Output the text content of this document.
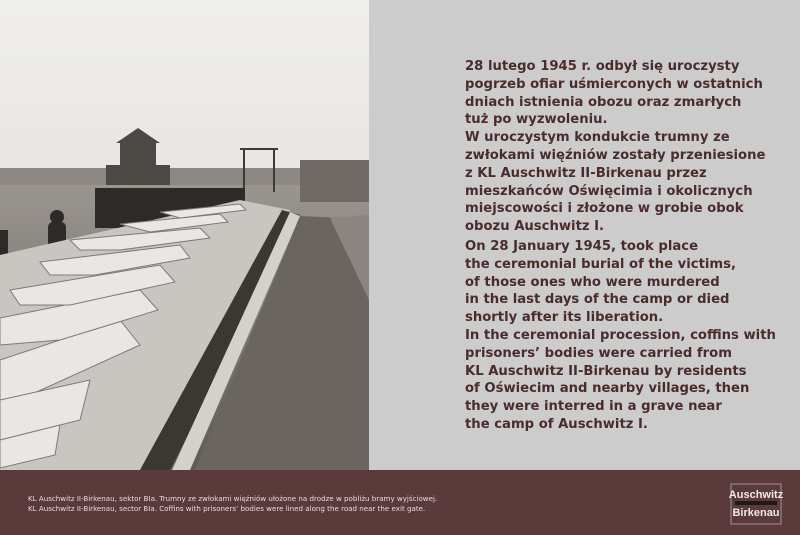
28 lutego 1945 r. odbył się uroczysty
pogrzeb ofiar uśmierconych w ostatnich
dniach istnienia obozu oraz zmarłych
tuż po wyzwoleniu.
W uroczystym kondukcie trumny ze
zwłokami więźniów zostały przeniesione
z KL Auschwitz II-Birkenau przez
mieszkańców Oświęcimia i okolicznych
miejscowości i złożone w grobie obok
obozu Auschwitz I.

On 28 January 1945, took place
the ceremonial burial of the victims,
of those ones who were murdered
in the last days of the camp or died
shortly after its liberation.
In the ceremonial procession, coffins with
prisoners’ bodies were carried from
KL Auschwitz II-Birkenau by residents
of Oświecim and nearby villages, then
they were interred in a grave near
the camp of Auschwitz I.

KL Auschwitz II-Birkenau, sektor BIa. Trumny ze zwłokami więźniów ułożone na drodze w pobliżu bramy wyjściowej.
KL Auschwitz II-Birkenau, sector BIa. Coffins with prisoners’ bodies were lined along the road near the exit gate.
Auschwitz
Birkenau
